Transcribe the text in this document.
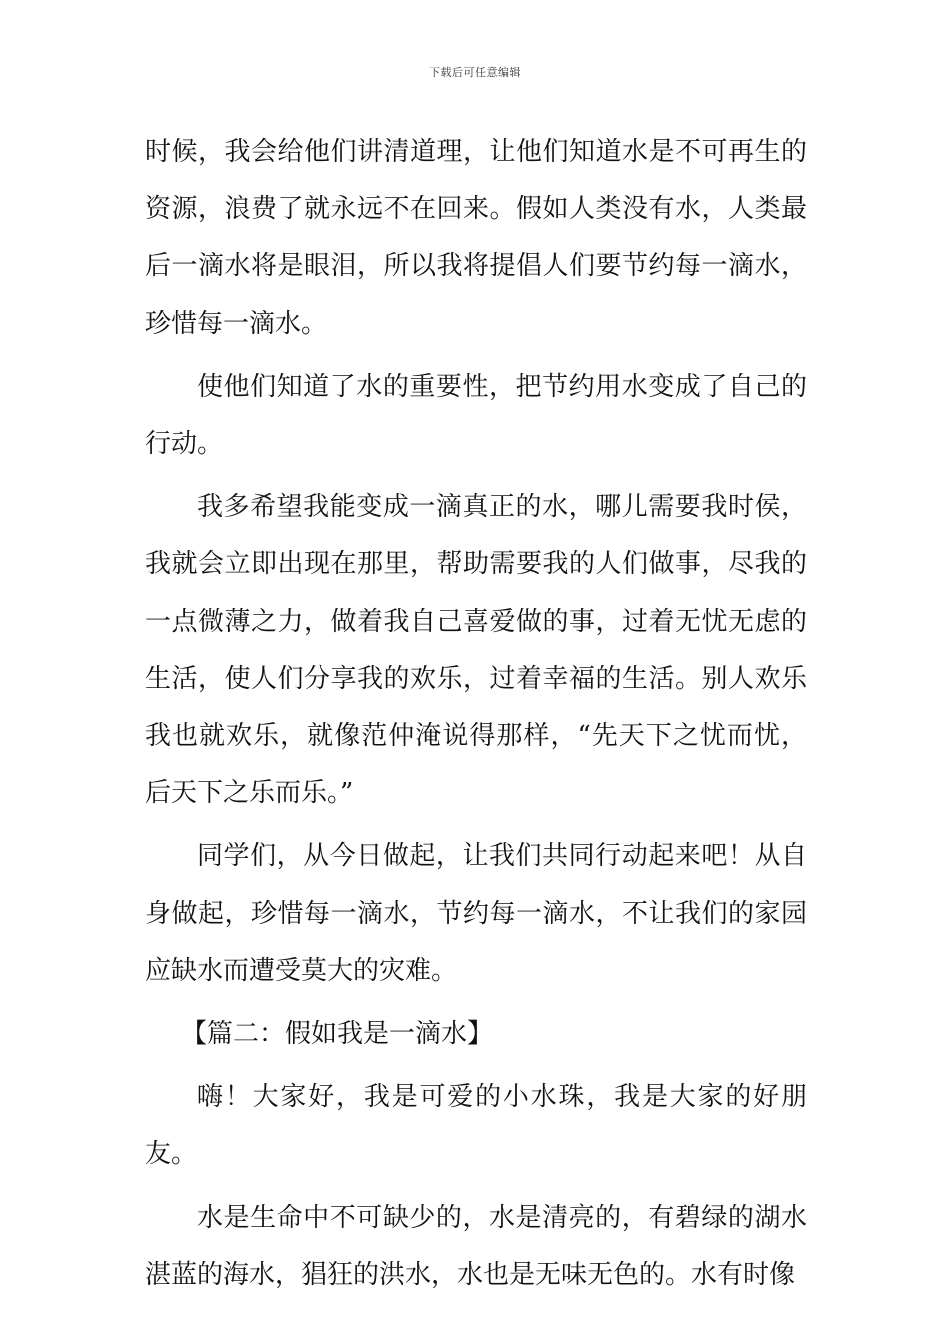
下载后可任意编辑

时候，我会给他们讲清道理，让他们知道水是不可再生的资源，浪费了就永远不在回来。假如人类没有水，人类最后一滴水将是眼泪，所以我将提倡人们要节约每一滴水，珍惜每一滴水。

使他们知道了水的重要性，把节约用水变成了自己的行动。

我多希望我能变成一滴真正的水，哪儿需要我时侯，我就会立即出现在那里，帮助需要我的人们做事，尽我的一点微薄之力，做着我自己喜爱做的事，过着无忧无虑的生活，使人们分享我的欢乐，过着幸福的生活。别人欢乐我也就欢乐，就像范仲淹说得那样，“先天下之忧而忧，后天下之乐而乐。”

同学们，从今日做起，让我们共同行动起来吧！从自身做起，珍惜每一滴水，节约每一滴水，不让我们的家园应缺水而遭受莫大的灾难。

【篇二：假如我是一滴水】

嗨！大家好，我是可爱的小水珠，我是大家的好朋友。

水是生命中不可缺少的，水是清亮的，有碧绿的湖水湛蓝的海水，猖狂的洪水，水也是无味无色的。水有时像
